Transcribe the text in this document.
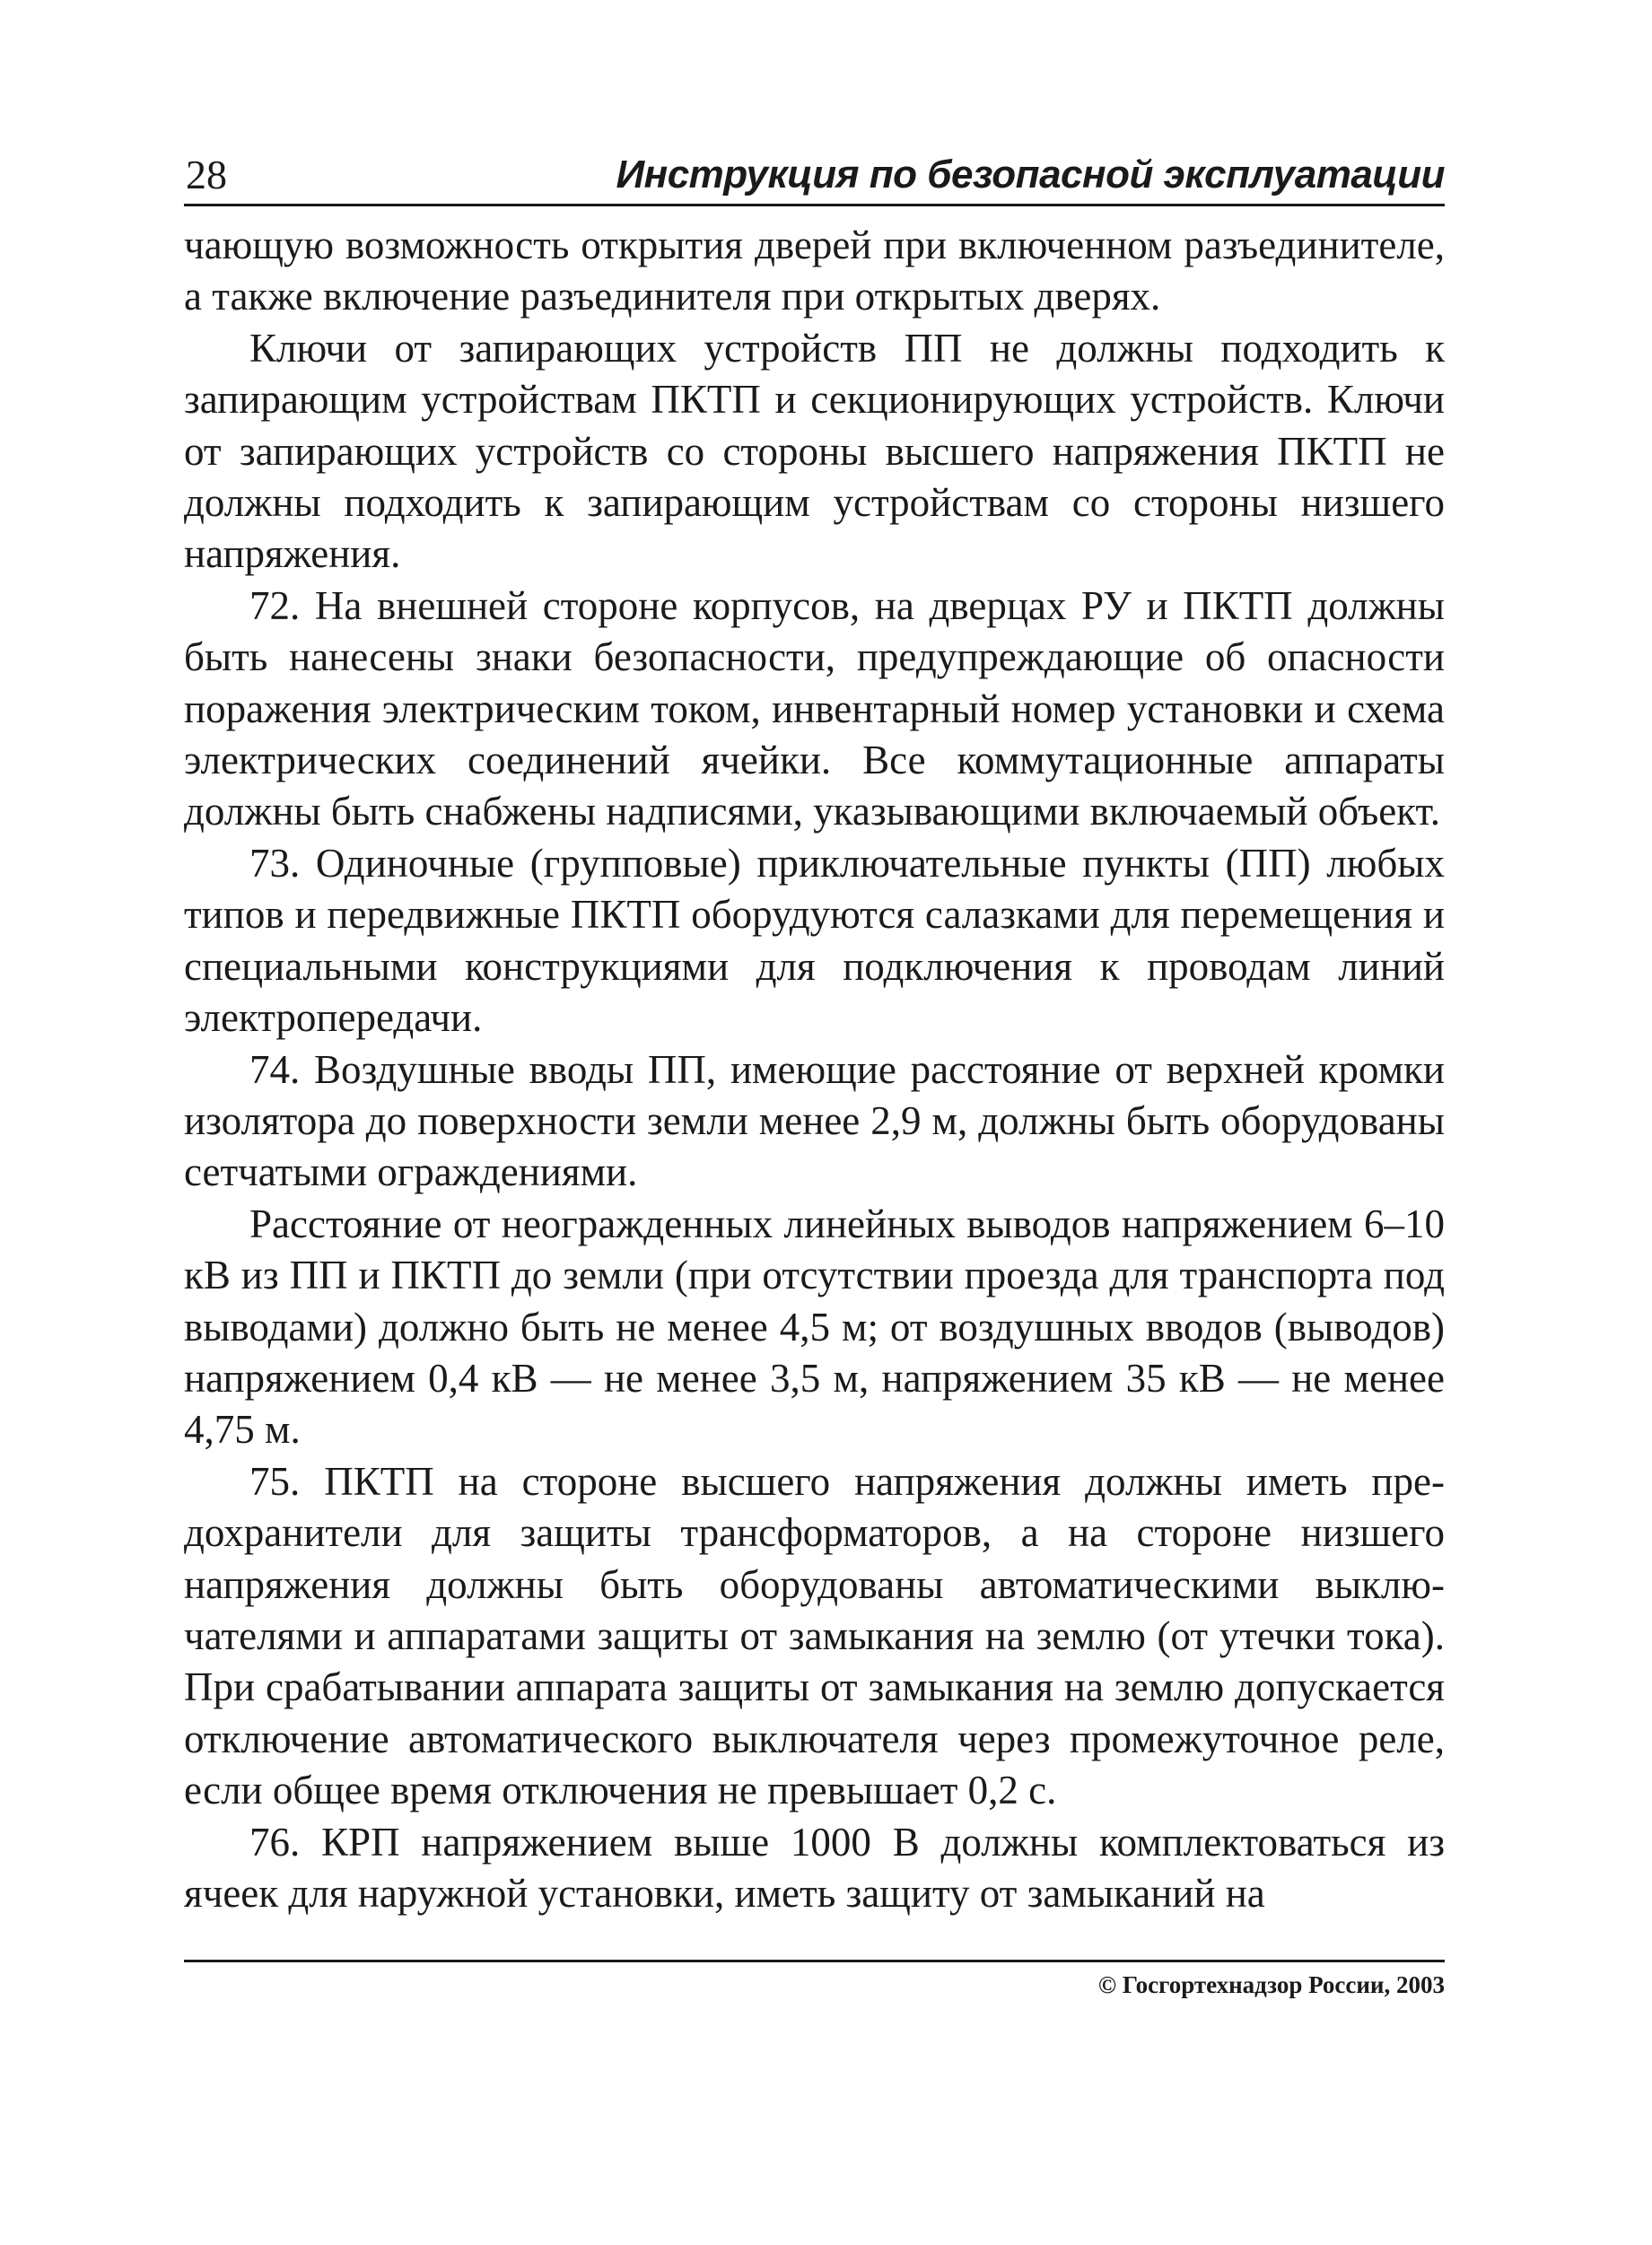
28	Инструкция по безопасной эксплуатации

чающую возможность открытия дверей при включенном разъединителе, а также включение разъединителя при открытых дверях.

Ключи от запирающих устройств ПП не должны подходить к запирающим устройствам ПКТП и секционирующих устройств. Ключи от запирающих устройств со стороны высшего напряжения ПКТП не должны подходить к запирающим устройствам со стороны низшего напряжения.

72. На внешней стороне корпусов, на дверцах РУ и ПКТП должны быть нанесены знаки безопасности, предупреждающие об опасности поражения электрическим током, инвентарный номер установки и схема электрических соединений ячейки. Все коммутационные аппараты должны быть снабжены надписями, указывающими включаемый объект.

73. Одиночные (групповые) приключательные пункты (ПП) любых типов и передвижные ПКТП оборудуются салазками для перемещения и специальными конструкциями для подключения к проводам линий электропередачи.

74. Воздушные вводы ПП, имеющие расстояние от верхней кромки изолятора до поверхности земли менее 2,9 м, должны быть оборудованы сетчатыми ограждениями.

Расстояние от неогражденных линейных выводов напряжением 6–10 кВ из ПП и ПКТП до земли (при отсутствии проезда для транспорта под выводами) должно быть не менее 4,5 м; от воздушных вводов (выводов) напряжением 0,4 кВ — не менее 3,5 м, напряжением 35 кВ — не менее 4,75 м.

75. ПКТП на стороне высшего напряжения должны иметь предохранители для защиты трансформаторов, а на стороне низшего напряжения должны быть оборудованы автоматическими выключателями и аппаратами защиты от замыкания на землю (от утечки тока). При срабатывании аппарата защиты от замыкания на землю допускается отключение автоматического выключателя через промежуточное реле, если общее время отключения не превышает 0,2 с.

76. КРП напряжением выше 1000 В должны комплектоваться из ячеек для наружной установки, иметь защиту от замыканий на

© Госгортехнадзор России, 2003
